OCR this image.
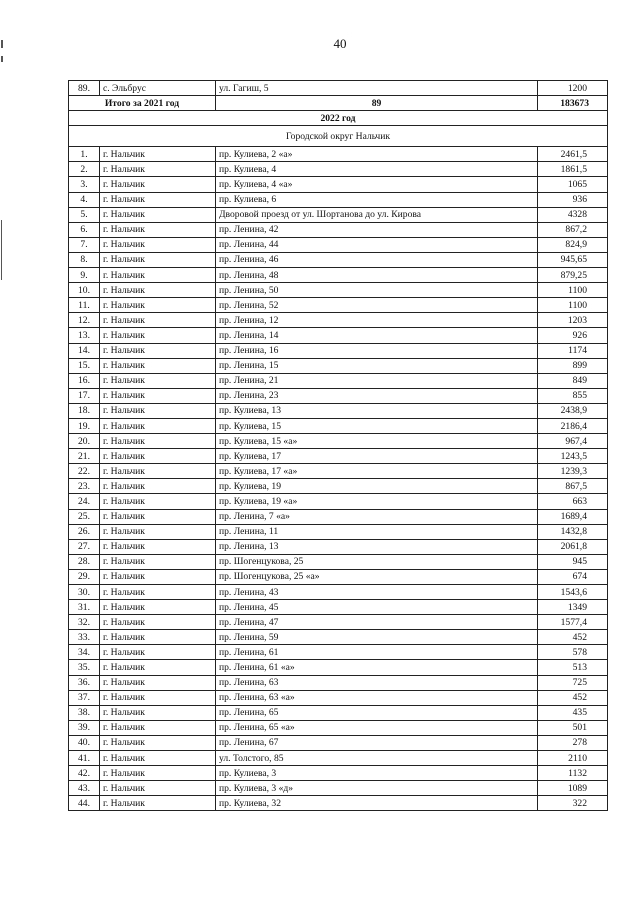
40
89.	с. Эльбрус	ул. Гагиш, 5	1200
Итого за 2021 год		89	183673
2022 год			
Городской округ Нальчик			
1.	г. Нальчик	пр. Кулиева, 2 «а»	2461,5
2.	г. Нальчик	пр. Кулиева, 4	1861,5
3.	г. Нальчик	пр. Кулиева, 4 «а»	1065
4.	г. Нальчик	пр. Кулиева, 6	936
5.	г. Нальчик	Дворовой проезд от ул. Шортанова до ул. Кирова	4328
6.	г. Нальчик	пр. Ленина, 42	867,2
7.	г. Нальчик	пр. Ленина, 44	824,9
8.	г. Нальчик	пр. Ленина, 46	945,65
9.	г. Нальчик	пр. Ленина, 48	879,25
10.	г. Нальчик	пр. Ленина, 50	1100
11.	г. Нальчик	пр. Ленина, 52	1100
12.	г. Нальчик	пр. Ленина, 12	1203
13.	г. Нальчик	пр. Ленина, 14	926
14.	г. Нальчик	пр. Ленина, 16	1174
15.	г. Нальчик	пр. Ленина, 15	899
16.	г. Нальчик	пр. Ленина, 21	849
17.	г. Нальчик	пр. Ленина, 23	855
18.	г. Нальчик	пр. Кулиева, 13	2438,9
19.	г. Нальчик	пр. Кулиева, 15	2186,4
20.	г. Нальчик	пр. Кулиева, 15 «а»	967,4
21.	г. Нальчик	пр. Кулиева, 17	1243,5
22.	г. Нальчик	пр. Кулиева, 17 «а»	1239,3
23.	г. Нальчик	пр. Кулиева, 19	867,5
24.	г. Нальчик	пр. Кулиева, 19 «а»	663
25.	г. Нальчик	пр. Ленина, 7 «а»	1689,4
26.	г. Нальчик	пр. Ленина, 11	1432,8
27.	г. Нальчик	пр. Ленина, 13	2061,8
28.	г. Нальчик	пр. Шогенцукова, 25	945
29.	г. Нальчик	пр. Шогенцукова, 25 «а»	674
30.	г. Нальчик	пр. Ленина, 43	1543,6
31.	г. Нальчик	пр. Ленина, 45	1349
32.	г. Нальчик	пр. Ленина, 47	1577,4
33.	г. Нальчик	пр. Ленина, 59	452
34.	г. Нальчик	пр. Ленина, 61	578
35.	г. Нальчик	пр. Ленина, 61 «а»	513
36.	г. Нальчик	пр. Ленина, 63	725
37.	г. Нальчик	пр. Ленина, 63 «а»	452
38.	г. Нальчик	пр. Ленина, 65	435
39.	г. Нальчик	пр. Ленина, 65 «а»	501
40.	г. Нальчик	пр. Ленина, 67	278
41.	г. Нальчик	ул. Толстого, 85	2110
42.	г. Нальчик	пр. Кулиева, 3	1132
43.	г. Нальчик	пр. Кулиева, 3 «д»	1089
44.	г. Нальчик	пр. Кулиева, 32	322
